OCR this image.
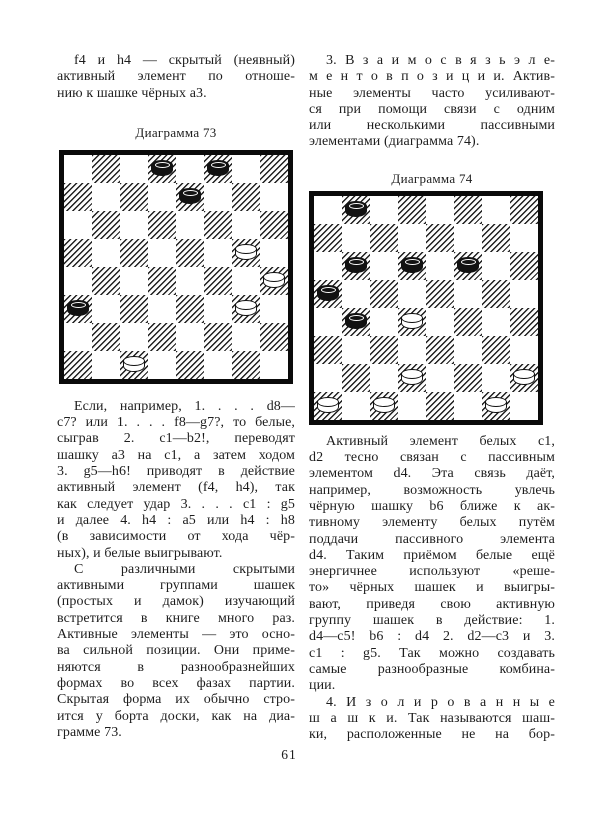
f4 и h4 — скрытый (неявный)
активный элемент по отноше-
нию к шашке чёрных a3.
Диаграмма 73
Если, например, 1. . . . d8—
c7? или 1. . . . f8—g7?, то белые,
сыграв 2. c1—b2!, переводят
шашку a3 на c1, а затем ходом
3. g5—h6! приводят в действие
активный элемент (f4, h4), так
как следует удар 3. . . . c1 : g5
и далее 4. h4 : a5 или h4 : h8
(в зависимости от хода чёр-
ных), и белые выигрывают.
С различными скрытыми
активными группами шашек
(простых и дамок) изучающий
встретится в книге много раз.
Активные элементы — это осно-
ва сильной позиции. Они приме-
няются в разнообразнейших
формах во всех фазах партии.
Скрытая форма их обычно стро-
ится у борта доски, как на диа-
грамме 73.
3. В з а и м о с в я з ь э л е-
м е н т о в п о з и ц и и. Актив-
ные элементы часто усиливают-
ся при помощи связи с одним
или несколькими пассивными
элементами (диаграмма 74).
Диаграмма 74
Активный элемент белых c1,
d2 тесно связан с пассивным
элементом d4. Эта связь даёт,
например, возможность увлечь
чёрную шашку b6 ближе к ак-
тивному элементу белых путём
поддачи пассивного элемента
d4. Таким приёмом белые ещё
энергичнее используют «реше-
то» чёрных шашек и выигры-
вают, приведя свою активную
группу шашек в действие: 1.
d4—c5! b6 : d4 2. d2—c3 и 3.
c1 : g5. Так можно создавать
самые разнообразные комбина-
ции.
4. И з о л и р о в а н н ы е
ш а ш к и. Так называются шаш-
ки, расположенные не на бор-
61
